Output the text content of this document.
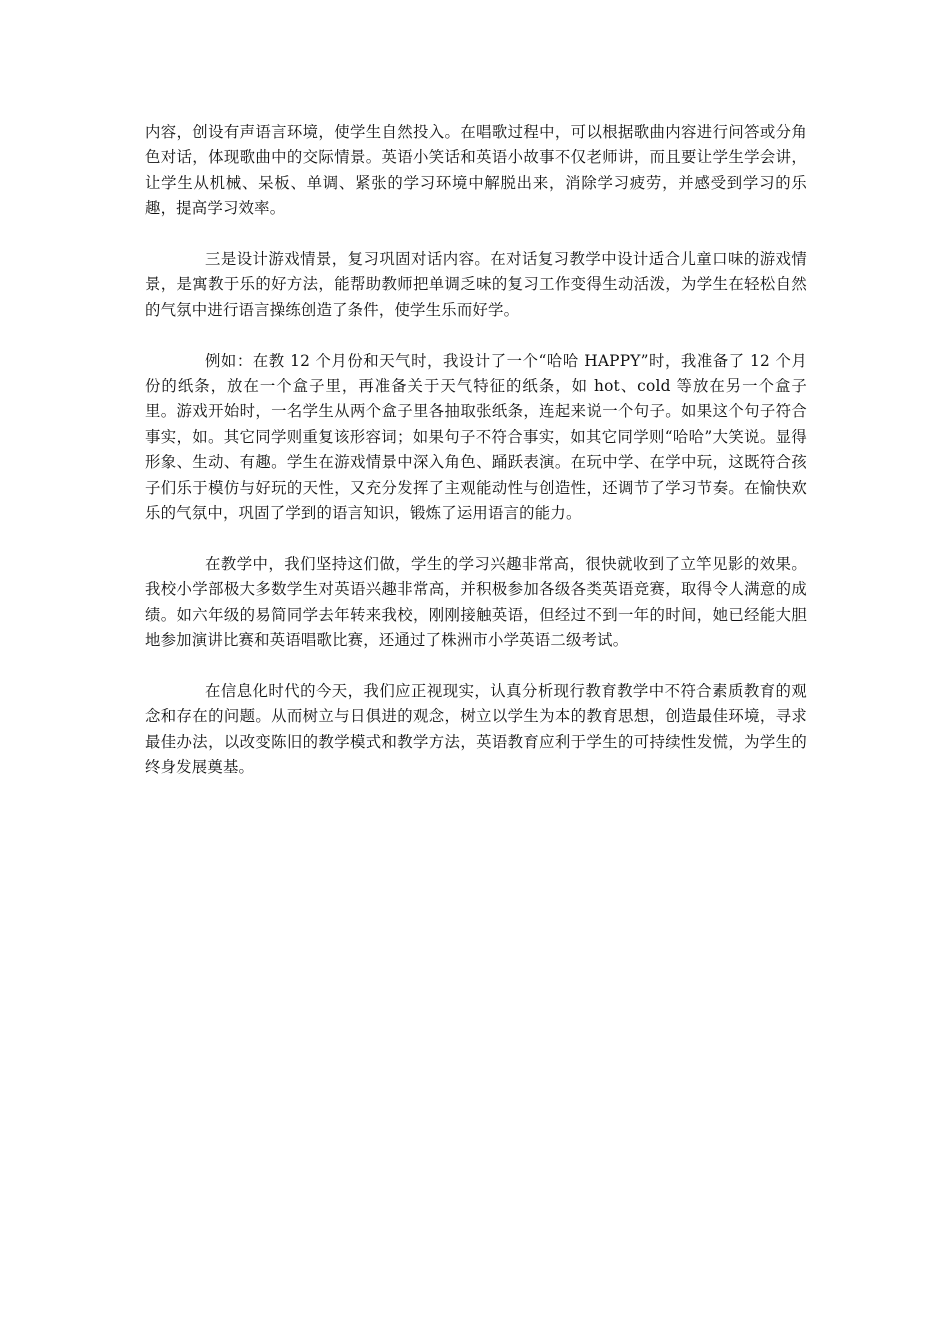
内容，创设有声语言环境，使学生自然投入。在唱歌过程中，可以根据歌曲内容进行问答或分角色对话，体现歌曲中的交际情景。英语小笑话和英语小故事不仅老师讲，而且要让学生学会讲，让学生从机械、呆板、单调、紧张的学习环境中解脱出来，消除学习疲劳，并感受到学习的乐趣，提高学习效率。

三是设计游戏情景，复习巩固对话内容。在对话复习教学中设计适合儿童口味的游戏情景，是寓教于乐的好方法，能帮助教师把单调乏味的复习工作变得生动活泼，为学生在轻松自然的气氛中进行语言操练创造了条件，使学生乐而好学。

例如：在教 12 个月份和天气时，我设计了一个“哈哈 HAPPY”时，我准备了 12 个月份的纸条，放在一个盒子里，再准备关于天气特征的纸条，如 hot、cold 等放在另一个盒子里。游戏开始时，一名学生从两个盒子里各抽取张纸条，连起来说一个句子。如果这个句子符合事实，如。其它同学则重复该形容词；如果句子不符合事实，如其它同学则“哈哈”大笑说。显得形象、生动、有趣。学生在游戏情景中深入角色、踊跃表演。在玩中学、在学中玩，这既符合孩子们乐于模仿与好玩的天性，又充分发挥了主观能动性与创造性，还调节了学习节奏。在愉快欢乐的气氛中，巩固了学到的语言知识，锻炼了运用语言的能力。

在教学中，我们坚持这们做，学生的学习兴趣非常高，很快就收到了立竿见影的效果。我校小学部极大多数学生对英语兴趣非常高，并积极参加各级各类英语竞赛，取得令人满意的成绩。如六年级的易简同学去年转来我校，刚刚接触英语，但经过不到一年的时间，她已经能大胆地参加演讲比赛和英语唱歌比赛，还通过了株洲市小学英语二级考试。

在信息化时代的今天，我们应正视现实，认真分析现行教育教学中不符合素质教育的观念和存在的问题。从而树立与日俱进的观念，树立以学生为本的教育思想，创造最佳环境，寻求最佳办法，以改变陈旧的教学模式和教学方法，英语教育应利于学生的可持续性发慌，为学生的终身发展奠基。
